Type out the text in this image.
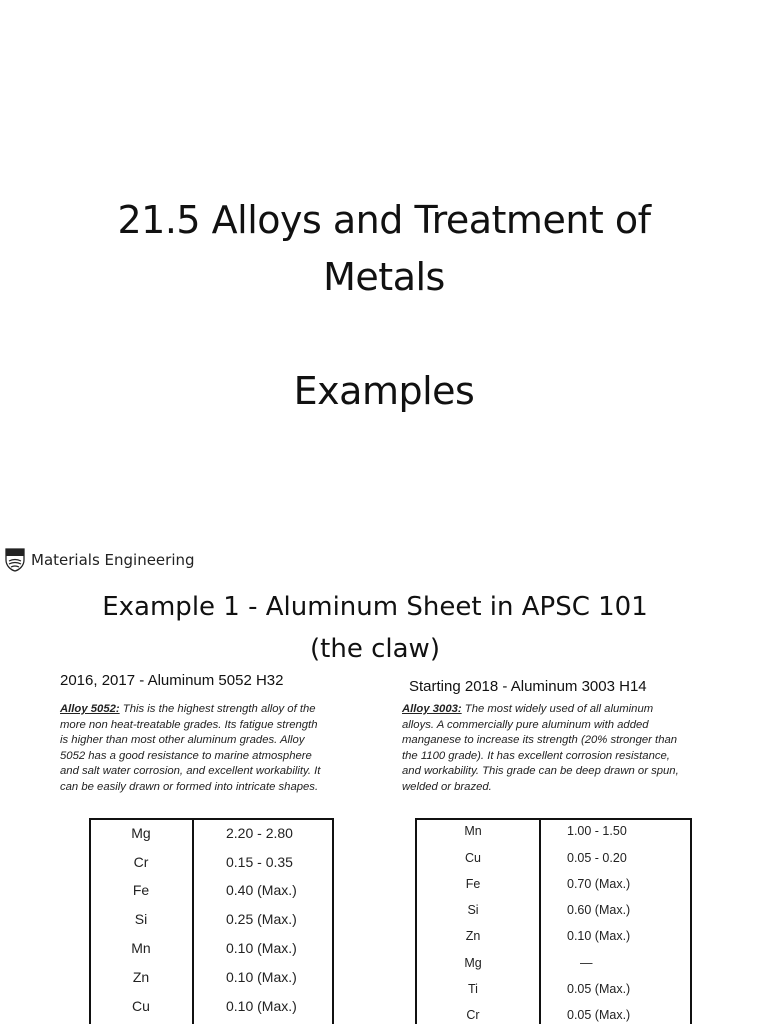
21.5 Alloys and Treatment of
Metals
Examples
Materials Engineering
Example 1 - Aluminum Sheet in APSC 101
(the claw)
2016, 2017 - Aluminum 5052 H32
Alloy 5052: This is the highest strength alloy of the
more non heat-treatable grades. Its fatigue strength
is higher than most other aluminum grades. Alloy
5052 has a good resistance to marine atmosphere
and salt water corrosion, and excellent workability. It
can be easily drawn or formed into intricate shapes.
Mg	2.20 - 2.80
Cr	0.15 - 0.35
Fe	0.40 (Max.)
Si	0.25 (Max.)
Mn	0.10 (Max.)
Zn	0.10 (Max.)
Cu	0.10 (Max.)
Starting 2018 - Aluminum 3003 H14
Alloy 3003: The most widely used of all aluminum
alloys. A commercially pure aluminum with added
manganese to increase its strength (20% stronger than
the 1100 grade). It has excellent corrosion resistance,
and workability. This grade can be deep drawn or spun,
welded or brazed.
Mn	1.00 - 1.50
Cu	0.05 - 0.20
Fe	0.70 (Max.)
Si	0.60 (Max.)
Zn	0.10 (Max.)
Mg	—
Ti	0.05 (Max.)
Cr	0.05 (Max.)
